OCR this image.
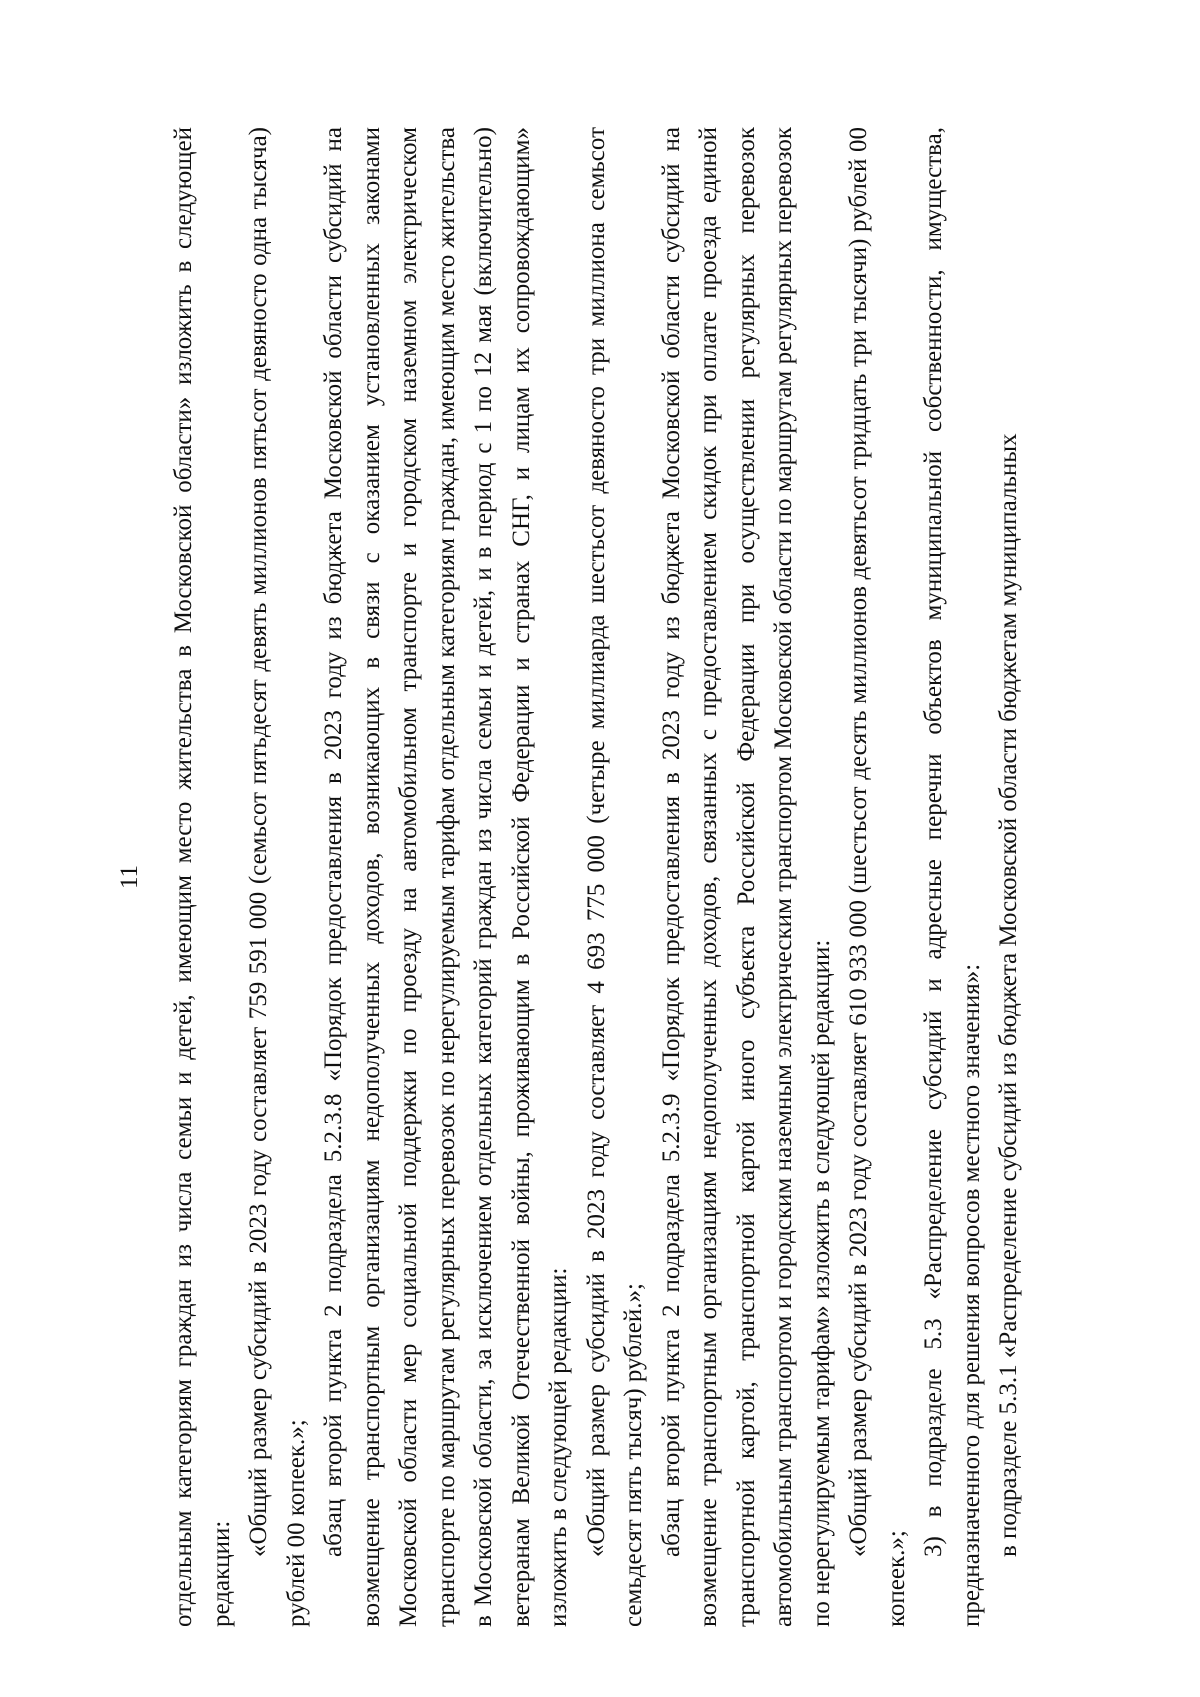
11 отдельным категориям граждан из числа семьи и детей, имеющим место жительства в Московской области» изложить в следующей редакции:

«Общий размер субсидий в 2023 году составляет 759 591 000 (семьсот пятьдесят девять миллионов пятьсот девяносто одна тысяча) рублей 00 копеек.»; абзац второй пункта 2 подраздела 5.2.3.8 «Порядок предоставления в 2023 году из бюджета Московской области субсидий на возмещение транспортным организациям недополученных доходов, возникающих в связи с оказанием установленных законами Московской области мер социальной поддержки по проезду на автомобильном транспорте и городском наземном электрическом транспорте по маршрутам регулярных перевозок по нерегулируемым тарифам отдельным категориям граждан, имеющим место жительства в Московской области, за исключением отдельных категорий граждан из числа семьи и детей, и в период с 1 по 12 мая (включительно) ветеранам Великой Отечественной войны, проживающим в Российской Федерации и странах СНГ, и лицам их сопровождающим» изложить в следующей редакции: «Общий размер субсидий в 2023 году составляет 4 693 775 000 (четыре миллиарда шестьсот девяносто три миллиона семьсот семьдесят пять тысяч) рублей.»; абзац второй пункта 2 подраздела 5.2.3.9 «Порядок предоставления в 2023 году из бюджета Московской области субсидий на возмещение транспортным организациям недополученных доходов, связанных с предоставлением скидок при оплате проезда единой транспортной картой, транспортной картой иного субъекта Российской Федерации при осуществлении регулярных перевозок автомобильным транспортом и городским наземным электрическим транспортом Московской области по маршрутам регулярных перевозок по нерегулируемым тарифам» изложить в следующей редакции: «Общий размер субсидий в 2023 году составляет 610 933 000 (шестьсот десять миллионов девятьсот тридцать три тысячи) рублей 00 копеек.»;

3) в подразделе 5.3 «Распределение субсидий и адресные перечни объектов муниципальной собственности, имущества, предназначенного для решения вопросов местного значения»: в подразделе 5.3.1 «Распределение субсидий из бюджета Московской области бюджетам муниципальных
